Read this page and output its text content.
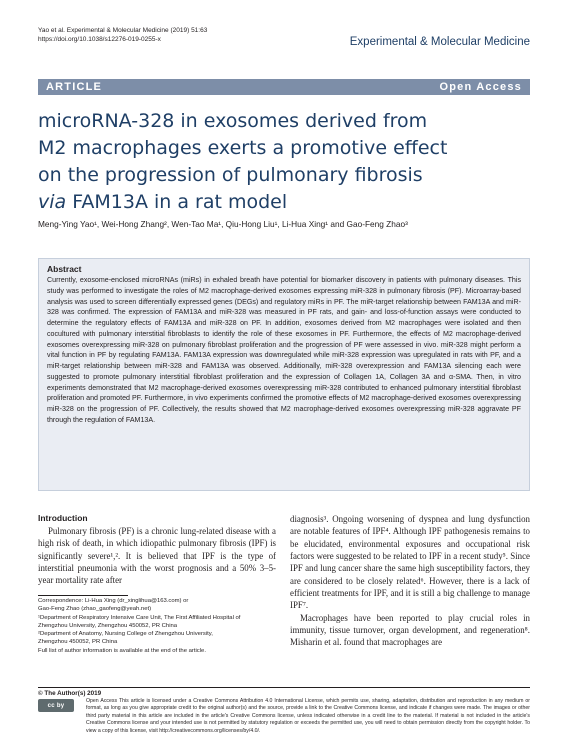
Yao et al. Experimental & Molecular Medicine (2019) 51:63
https://doi.org/10.1038/s12276-019-0255-x	Experimental & Molecular Medicine
ARTICLE	Open Access
microRNA-328 in exosomes derived from
M2 macrophages exerts a promotive effect
on the progression of pulmonary fibrosis
via FAM13A in a rat model
Meng-Ying Yao¹, Wei-Hong Zhang², Wen-Tao Ma¹, Qiu-Hong Liu¹, Li-Hua Xing¹ and Gao-Feng Zhao³
Abstract
Currently, exosome-enclosed microRNAs (miRs) in exhaled breath have potential for biomarker discovery in patients with pulmonary diseases. This study was performed to investigate the roles of M2 macrophage-derived exosomes expressing miR-328 in pulmonary fibrosis (PF). Microarray-based analysis was used to screen differentially expressed genes (DEGs) and regulatory miRs in PF. The miR-target relationship between FAM13A and miR-328 was confirmed. The expression of FAM13A and miR-328 was measured in PF rats, and gain- and loss-of-function assays were conducted to determine the regulatory effects of FAM13A and miR-328 on PF. In addition, exosomes derived from M2 macrophages were isolated and then cocultured with pulmonary interstitial fibroblasts to identify the role of these exosomes in PF. Furthermore, the effects of M2 macrophage-derived exosomes overexpressing miR-328 on pulmonary fibroblast proliferation and the progression of PF were assessed in vivo. miR-328 might perform a vital function in PF by regulating FAM13A. FAM13A expression was downregulated while miR-328 expression was upregulated in rats with PF, and a miR-target relationship between miR-328 and FAM13A was observed. Additionally, miR-328 overexpression and FAM13A silencing each were suggested to promote pulmonary interstitial fibroblast proliferation and the expression of Collagen 1A, Collagen 3A and α-SMA. Then, in vitro experiments demonstrated that M2 macrophage-derived exosomes overexpressing miR-328 contributed to enhanced pulmonary interstitial fibroblast proliferation and promoted PF. Furthermore, in vivo experiments confirmed the promotive effects of M2 macrophage-derived exosomes overexpressing miR-328 on the progression of PF. Collectively, the results showed that M2 macrophage-derived exosomes overexpressing miR-328 aggravate PF through the regulation of FAM13A.
Introduction
Pulmonary fibrosis (PF) is a chronic lung-related disease with a high risk of death, in which idiopathic pulmonary fibrosis (IPF) is significantly severe¹,². It is believed that IPF is the type of interstitial pneumonia with the worst prognosis and a 50% 3–5-year mortality rate after
Correspondence: Li-Hua Xing (dr_xinglihua@163.com) or
Gao-Feng Zhao (zhao_gaofeng@yeah.net)
¹Department of Respiratory Intensive Care Unit, The First Affiliated Hospital of
Zhengzhou University, Zhengzhou 450052, PR China
²Department of Anatomy, Nursing College of Zhengzhou University,
Zhengzhou 450052, PR China
Full list of author information is available at the end of the article.
diagnosis³. Ongoing worsening of dyspnea and lung dysfunction are notable features of IPF⁴. Although IPF pathogenesis remains to be elucidated, environmental exposures and occupational risk factors were suggested to be related to IPF in a recent study⁵. Since IPF and lung cancer share the same high susceptibility factors, they are considered to be closely related⁶. However, there is a lack of efficient treatments for IPF, and it is still a big challenge to manage IPF⁷.
Macrophages have been reported to play crucial roles in immunity, tissue turnover, organ development, and regeneration⁸. Misharin et al. found that macrophages are
© The Author(s) 2019
cc by
Open Access This article is licensed under a Creative Commons Attribution 4.0 International License, which permits use, sharing, adaptation, distribution and reproduction in any medium or format, as long as you give appropriate credit to the original author(s) and the source, provide a link to the Creative Commons license, and indicate if changes were made. The images or other third party material in this article are included in the article's Creative Commons license, unless indicated otherwise in a credit line to the material. If material is not included in the article's Creative Commons license and your intended use is not permitted by statutory regulation or exceeds the permitted use, you will need to obtain permission directly from the copyright holder. To view a copy of this license, visit http://creativecommons.org/licenses/by/4.0/.
